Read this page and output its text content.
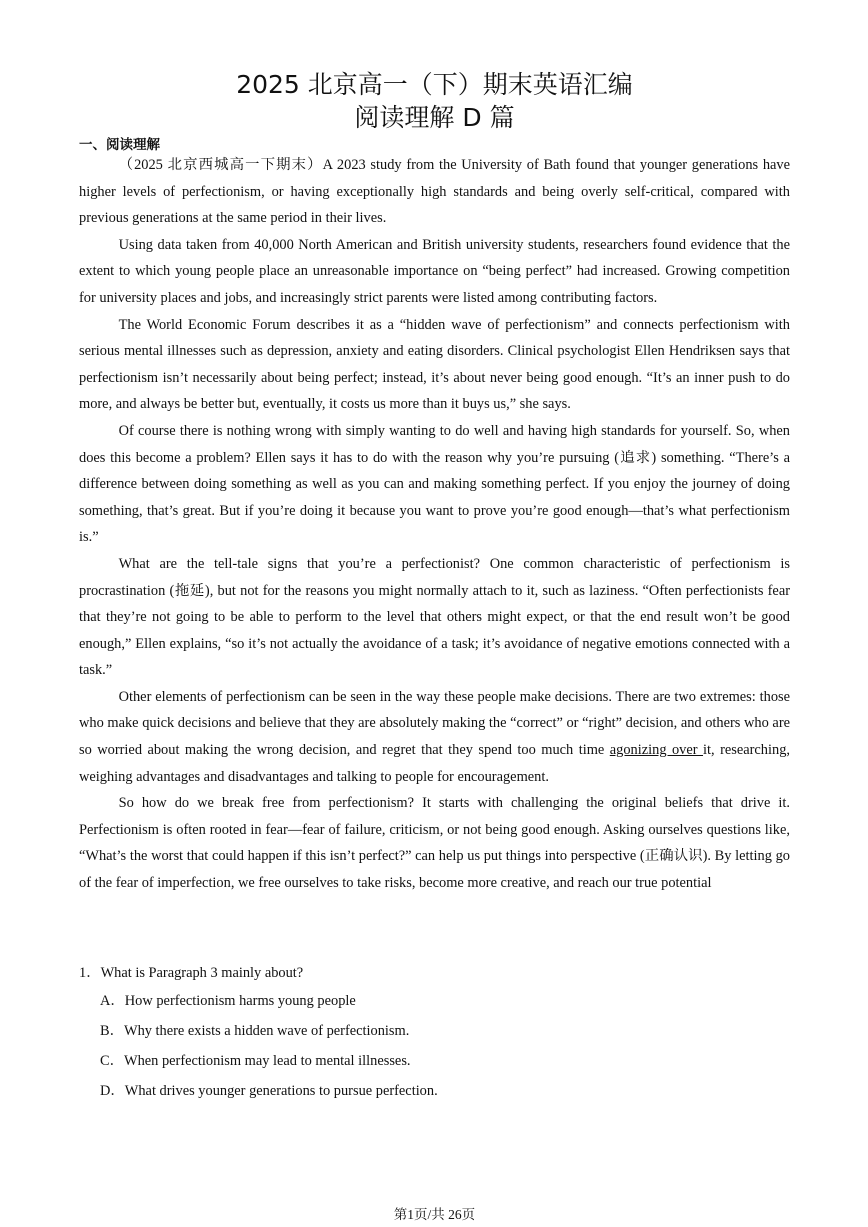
2025 北京高一（下）期末英语汇编
阅读理解 D 篇
一、阅读理解

（2025 北京西城高一下期末）A 2023 study from the University of Bath found that younger generations have higher levels of perfectionism, or having exceptionally high standards and being overly self-critical, compared with previous generations at the same period in their lives.

Using data taken from 40,000 North American and British university students, researchers found evidence that the extent to which young people place an unreasonable importance on “being perfect” had increased. Growing competition for university places and jobs, and increasingly strict parents were listed among contributing factors.

The World Economic Forum describes it as a “hidden wave of perfectionism” and connects perfectionism with serious mental illnesses such as depression, anxiety and eating disorders. Clinical psychologist Ellen Hendriksen says that perfectionism isn’t necessarily about being perfect; instead, it’s about never being good enough. “It’s an inner push to do more, and always be better but, eventually, it costs us more than it buys us,” she says.

Of course there is nothing wrong with simply wanting to do well and having high standards for yourself. So, when does this become a problem? Ellen says it has to do with the reason why you’re pursuing (追求) something. “There’s a difference between doing something as well as you can and making something perfect. If you enjoy the journey of doing something, that’s great. But if you’re doing it because you want to prove you’re good enough—that’s what perfectionism is.”

What are the tell-tale signs that you’re a perfectionist? One common characteristic of perfectionism is procrastination (拖延), but not for the reasons you might normally attach to it, such as laziness. “Often perfectionists fear that they’re not going to be able to perform to the level that others might expect, or that the end result won’t be good enough,” Ellen explains, “so it’s not actually the avoidance of a task; it’s avoidance of negative emotions connected with a task.”

Other elements of perfectionism can be seen in the way these people make decisions. There are two extremes: those who make quick decisions and believe that they are absolutely making the “correct” or “right” decision, and others who are so worried about making the wrong decision, and regret that they spend too much time agonizing over it, researching, weighing advantages and disadvantages and talking to people for encouragement.

So how do we break free from perfectionism? It starts with challenging the original beliefs that drive it. Perfectionism is often rooted in fear—fear of failure, criticism, or not being good enough. Asking ourselves questions like, “What’s the worst that could happen if this isn’t perfect?” can help us put things into perspective (正确认识). By letting go of the fear of imperfection, we free ourselves to take risks, become more creative, and reach our true potential

1．What is Paragraph 3 mainly about?

A．How perfectionism harms young people

B．Why there exists a hidden wave of perfectionism.

C．When perfectionism may lead to mental illnesses.

D．What drives younger generations to pursue perfection.

第1页/共 26页
